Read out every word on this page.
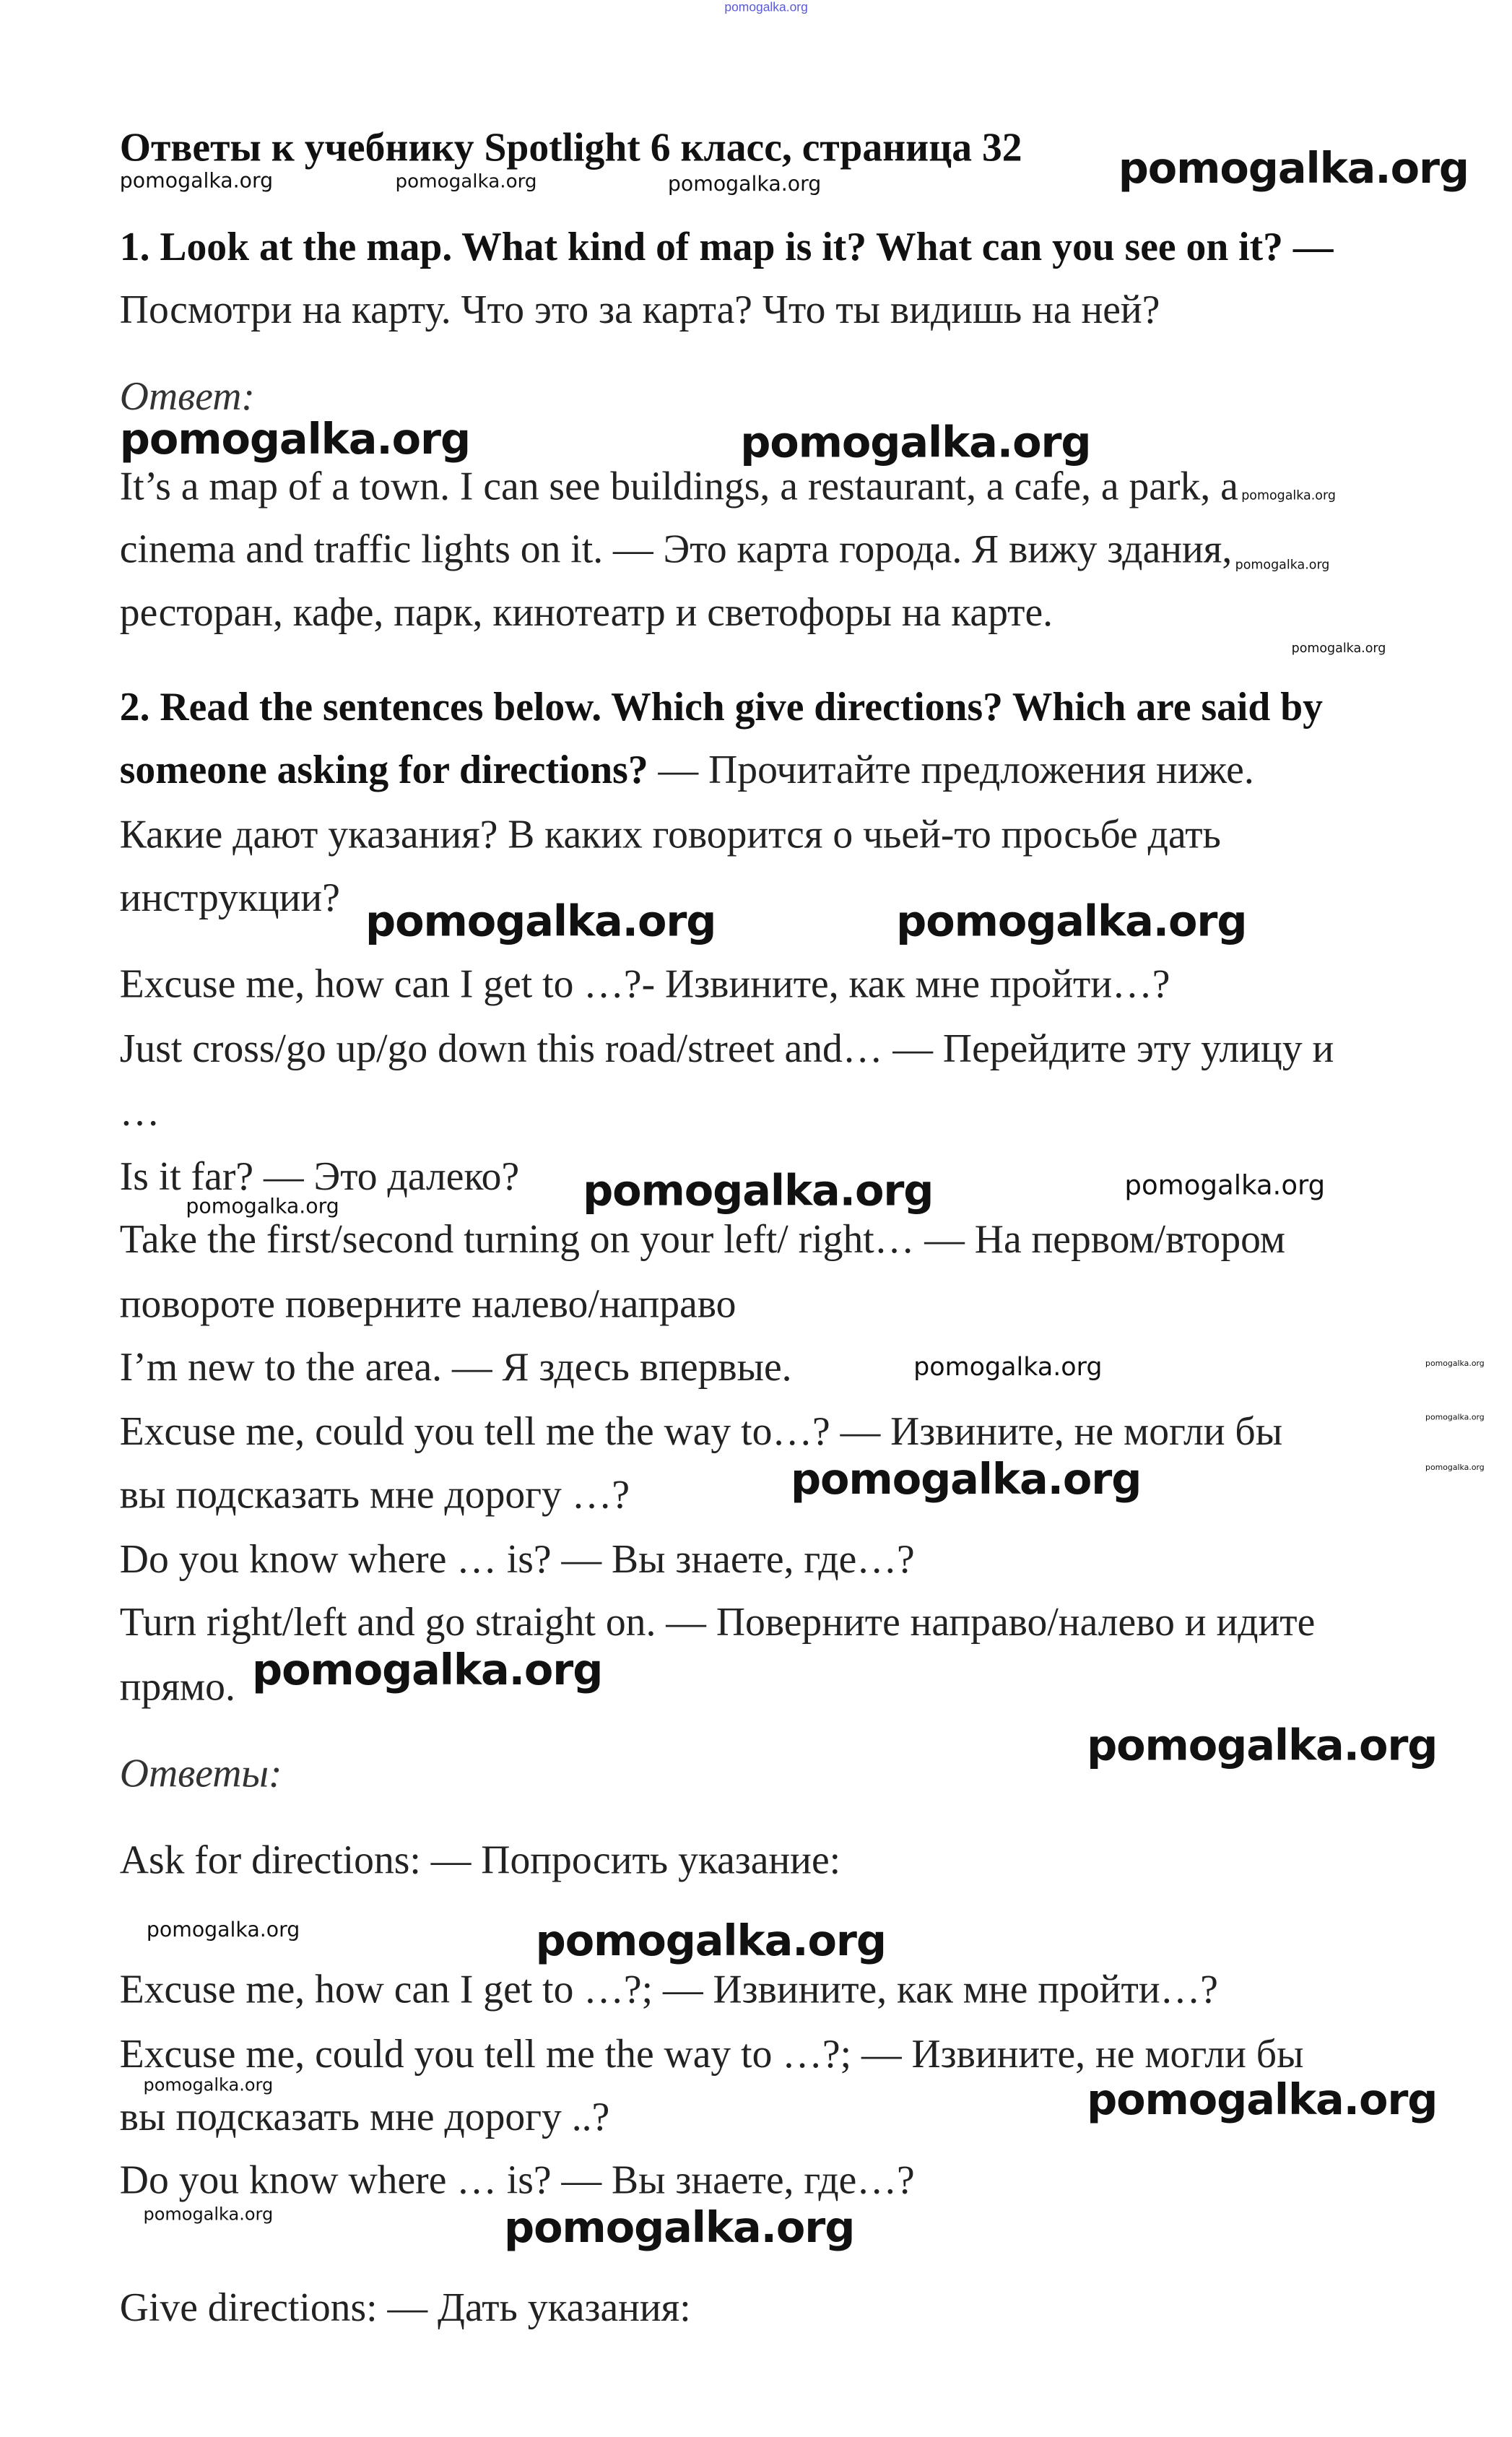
pomogalka.org
Ответы к учебнику Spotlight 6 класс, страница 32
pomogalka.org	pomogalka.org	pomogalka.org	pomogalka.org
1. Look at the map. What kind of map is it? What can you see on it? —
Посмотри на карту. Что это за карта? Что ты видишь на ней?
Ответ:
pomogalka.org	pomogalka.org
It’s a map of a town. I can see buildings, a restaurant, a cafe, a park, a pomogalka.org
cinema and traffic lights on it. — Это карта города. Я вижу здания, pomogalka.org
ресторан, кафе, парк, кинотеатр и светофоры на карте.
pomogalka.org
2. Read the sentences below. Which give directions? Which are said by
someone asking for directions? — Прочитайте предложения ниже.
Какие дают указания? В каких говорится о чьей-то просьбе дать
инструкции?
pomogalka.org	pomogalka.org
Excuse me, how can I get to …?- Извините, как мне пройти…?
Just cross/go up/go down this road/street and… — Перейдите эту улицу и
…
Is it far? — Это далеко?	pomogalka.org	pomogalka.org
pomogalka.org
Take the first/second turning on your left/ right… — На первом/втором
повороте поверните налево/направо
I’m new to the area. — Я здесь впервые.	pomogalka.org	pomogalka.org
Excuse me, could you tell me the way to…? — Извините, не могли бы	pomogalka.org
pomogalka.org
pomogalka.org
вы подсказать мне дорогу …?
Do you know where … is? — Вы знаете, где…?
Turn right/left and go straight on. — Поверните направо/налево и идите
прямо. pomogalka.org
Ответы:
pomogalka.org
Ask for directions: — Попросить указание:
pomogalka.org	pomogalka.org
Excuse me, how can I get to …?; — Извините, как мне пройти…?
Excuse me, could you tell me the way to …?; — Извините, не могли бы
pomogalka.org
вы подсказать мне дорогу ..?	pomogalka.org
Do you know where … is? — Вы знаете, где…?
pomogalka.org	pomogalka.org
Give directions: — Дать указания:
